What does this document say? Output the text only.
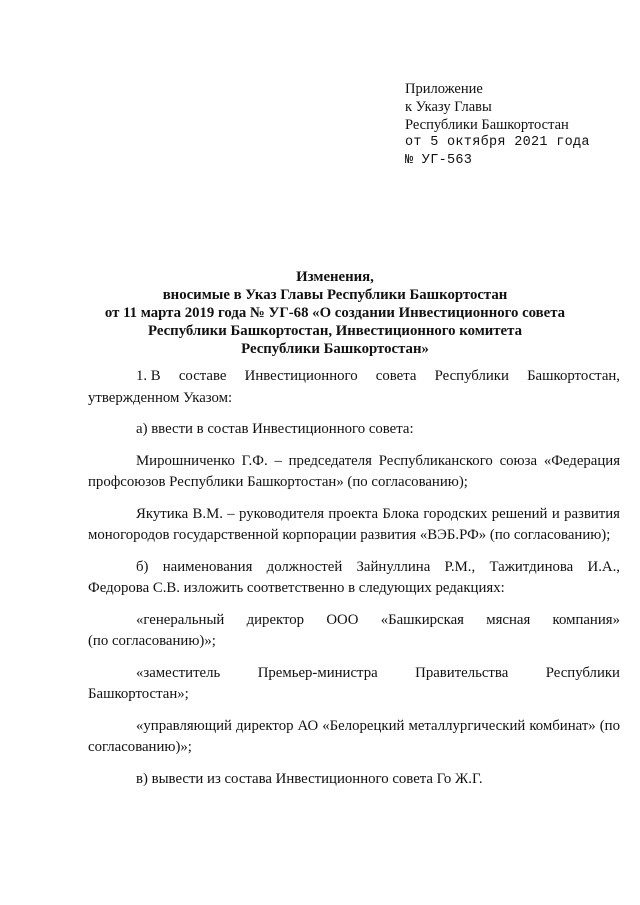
Приложение
к Указу Главы
Республики Башкортостан
от 5 октября 2021 года
№ УГ-563
Изменения,
вносимые в Указ Главы Республики Башкортостан
от 11 марта 2019 года № УГ-68 «О создании Инвестиционного совета
Республики Башкортостан, Инвестиционного комитета
Республики Башкортостан»
1. В составе Инвестиционного совета Республики Башкортостан,
утвержденном Указом:
а) ввести в состав Инвестиционного совета:
Мирошниченко Г.Ф. – председателя Республиканского союза «Федерация профсоюзов Республики Башкортостан» (по согласованию);
Якутика В.М. – руководителя проекта Блока городских решений и развития моногородов государственной корпорации развития «ВЭБ.РФ» (по согласованию);
б) наименования должностей Зайнуллина Р.М., Тажитдинова И.А., Федорова С.В. изложить соответственно в следующих редакциях:
«генеральный директор ООО «Башкирская мясная компания»
(по согласованию)»;
«заместитель	Премьер-министра	Правительства	Республики
Башкортостан»;
«управляющий директор АО «Белорецкий металлургический комбинат» (по согласованию)»;
в) вывести из состава Инвестиционного совета Го Ж.Г.
